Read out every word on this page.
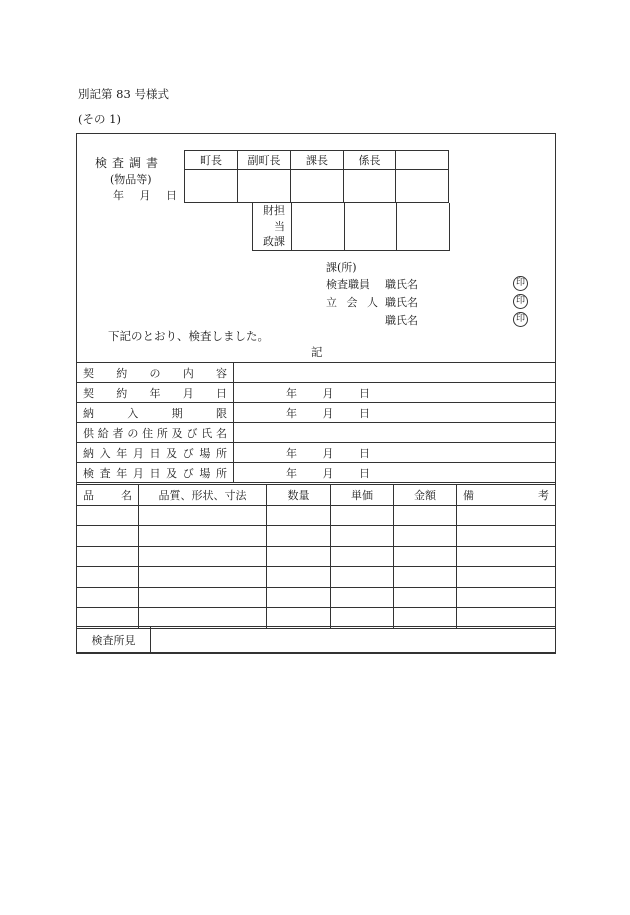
別記第 83 号様式
(その 1)
検査調書
(物品等)
年 月 日
町長	副町長	課長	係長	

財担
当
政課

課(所)
検査職員 職氏名	印
立 会 人 職氏名	印
職氏名	印
下記のとおり、検査しました。
記
契約の内容	
契約年月日	年 月 日
納入期限	年 月 日
供給者の住所及び氏名	
納入年月日及び場所	年 月 日
検査年月日及び場所	年 月 日
品名	品質、形状、寸法	数量	単価	金額	備考

検査所見	
